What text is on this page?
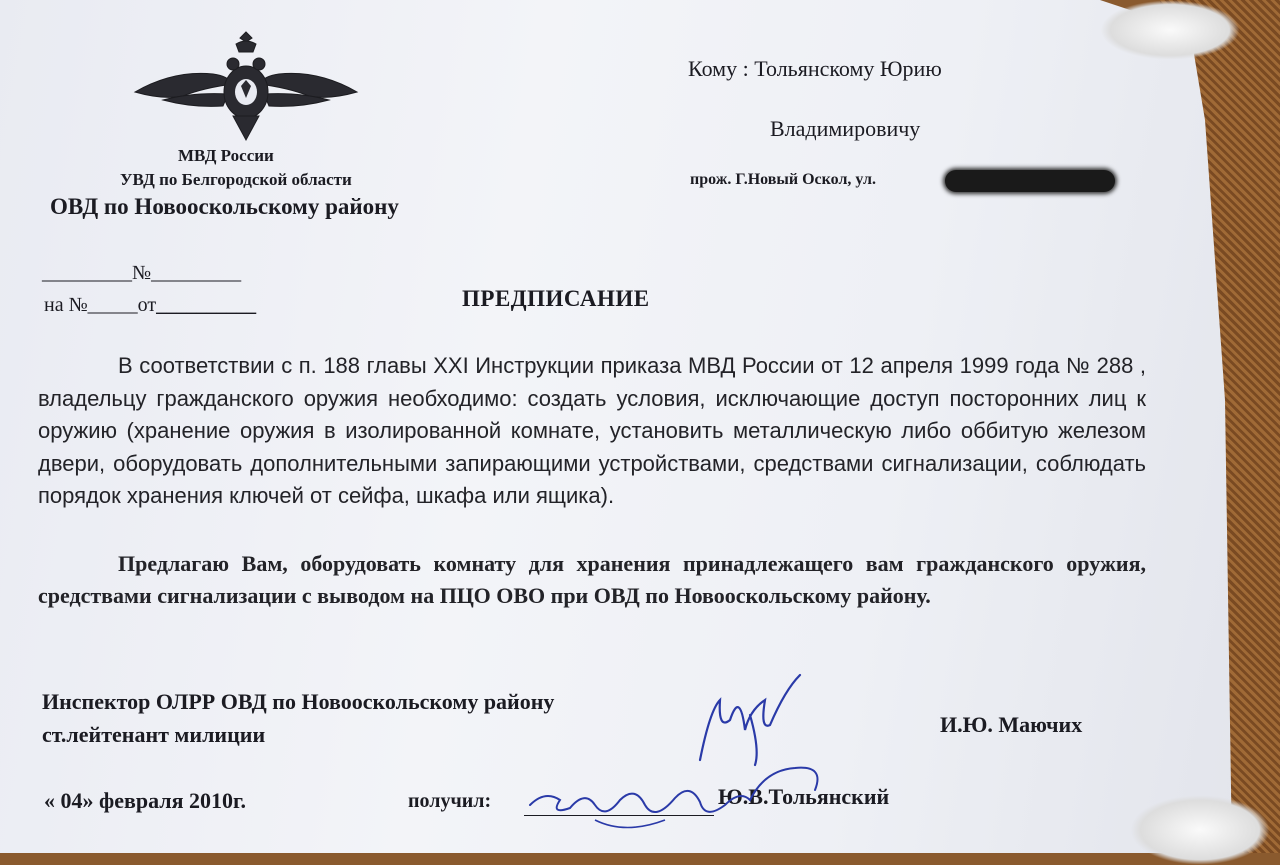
МВД России
УВД по Белгородской области
ОВД по Новооскольскому району
_________№_________
на №_____от__________
Кому : Тольянскому Юрию
Владимировичу
прож. Г.Новый Оскол, ул.
ПРЕДПИСАНИЕ

В соответствии с п. 188 главы XXI Инструкции приказа МВД России от 12 апреля 1999 года № 288 , владельцу гражданского оружия необходимо: создать условия, исключающие доступ посторонних лиц к оружию (хранение оружия в изолированной комнате, установить металлическую либо оббитую железом двери, оборудовать дополнительными запирающими устройствами, средствами сигнализации, соблюдать порядок хранения ключей от сейфа, шкафа или ящика).

Предлагаю Вам, оборудовать комнату для хранения принадлежащего вам гражданского оружия, средствами сигнализации с выводом на ПЦО ОВО при ОВД по Новооскольскому району.

Инспектор ОЛРР ОВД по Новооскольскому району
ст.лейтенант милиции	И.Ю. Маючих
« 04» февраля 2010г.	получил:	Ю.В.Тольянский
